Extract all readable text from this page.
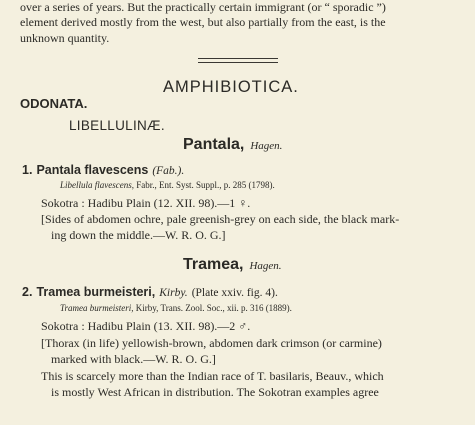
over a series of years. But the practically certain immigrant (or “ sporadic ”)
element derived mostly from the west, but also partially from the east, is the
unknown quantity.
AMPHIBIOTICA.
ODONATA.
LIBELLULINÆ.
Pantala, Hagen.
1. Pantala flavescens (Fab.).
Libellula flavescens, Fabr., Ent. Syst. Suppl., p. 285 (1798).
Sokotra : Hadibu Plain (12. XII. 98).—1 ♀.
[Sides of abdomen ochre, pale greenish-grey on each side, the black mark-
ing down the middle.—W. R. O. G.]
Tramea, Hagen.
2. Tramea burmeisteri, Kirby. (Plate xxiv. fig. 4).
Tramea burmeisteri, Kirby, Trans. Zool. Soc., xii. p. 316 (1889).
Sokotra : Hadibu Plain (13. XII. 98).—2 ♂.
[Thorax (in life) yellowish-brown, abdomen dark crimson (or carmine)
marked with black.—W. R. O. G.]
This is scarcely more than the Indian race of T. basilaris, Beauv., which
is mostly West African in distribution. The Sokotran examples agree
